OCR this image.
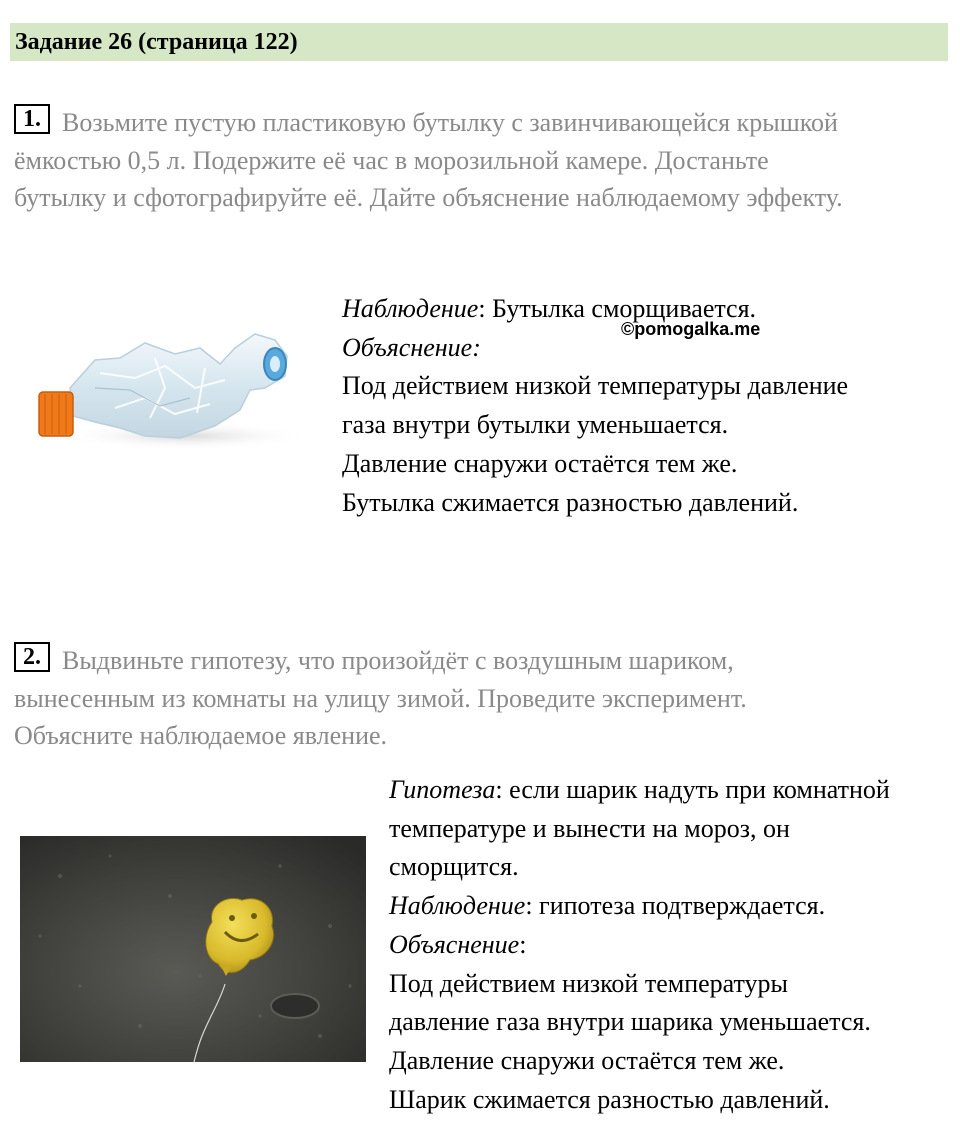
Задание 26 (страница 122)
1. Возьмите пустую пластиковую бутылку с завинчивающейся крышкой
ёмкостью 0,5 л. Подержите её час в морозильной камере. Достаньте
бутылку и сфотографируйте её. Дайте объяснение наблюдаемому эффекту.
Наблюдение: Бутылка сморщивается.
Объяснение:
Под действием низкой температуры давление
газа внутри бутылки уменьшается.
Давление снаружи остаётся тем же.
Бутылка сжимается разностью давлений.
©pomogalka.me
2. Выдвиньте гипотезу, что произойдёт с воздушным шариком,
вынесенным из комнаты на улицу зимой. Проведите эксперимент.
Объясните наблюдаемое явление.
Гипотеза: если шарик надуть при комнатной
температуре и вынести на мороз, он
сморщится.
Наблюдение: гипотеза подтверждается.
Объяснение:
Под действием низкой температуры
давление газа внутри шарика уменьшается.
Давление снаружи остаётся тем же.
Шарик сжимается разностью давлений.
